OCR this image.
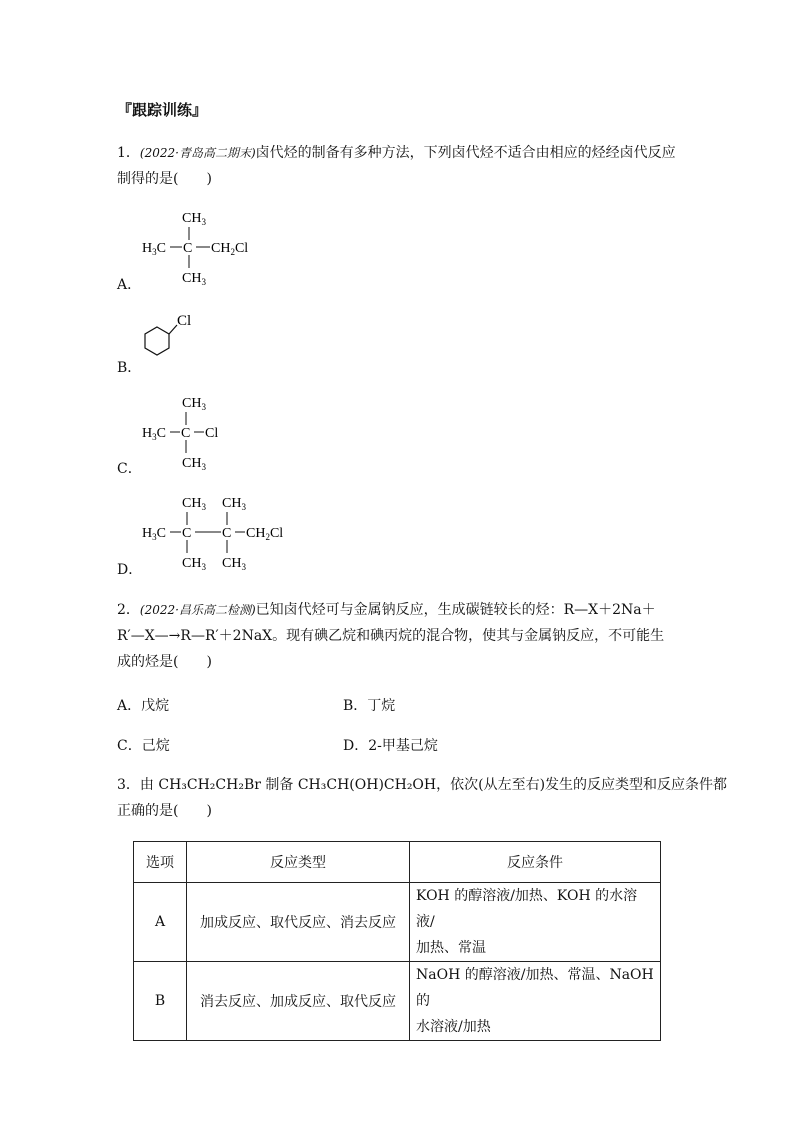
『跟踪训练』
1．(2022·青岛高二期末)卤代烃的制备有多种方法，下列卤代烃不适合由相应的烃经卤代反应
制得的是(　　)
$CH_3$
$H_3C$ C $CH_2Cl$
$CH_3$
A．
Cl
B．
$CH_3$
$H_3C$ C Cl
$CH_3$
C．
$CH_3$ $CH_3$
$H_3C$ C C $CH_2Cl$
$CH_3$ $CH_3$
D．
2．(2022·昌乐高二检测)已知卤代烃可与金属钠反应，生成碳链较长的烃：R—X＋2Na＋
R′—X—→R—R′＋2NaX。现有碘乙烷和碘丙烷的混合物，使其与金属钠反应，不可能生
成的烃是(　　)
A．戊烷	B．丁烷
C．己烷	D．2-甲基己烷
3．由 CH₃CH₂CH₂Br 制备 CH₃CH(OH)CH₂OH，依次(从左至右)发生的反应类型和反应条件都
正确的是(　　)
选项	反应类型	反应条件
A	加成反应、取代反应、消去反应	KOH 的醇溶液/加热、KOH 的水溶液/
加热、常温

B	消去反应、加成反应、取代反应	NaOH 的醇溶液/加热、常温、NaOH 的
水溶液/加热
